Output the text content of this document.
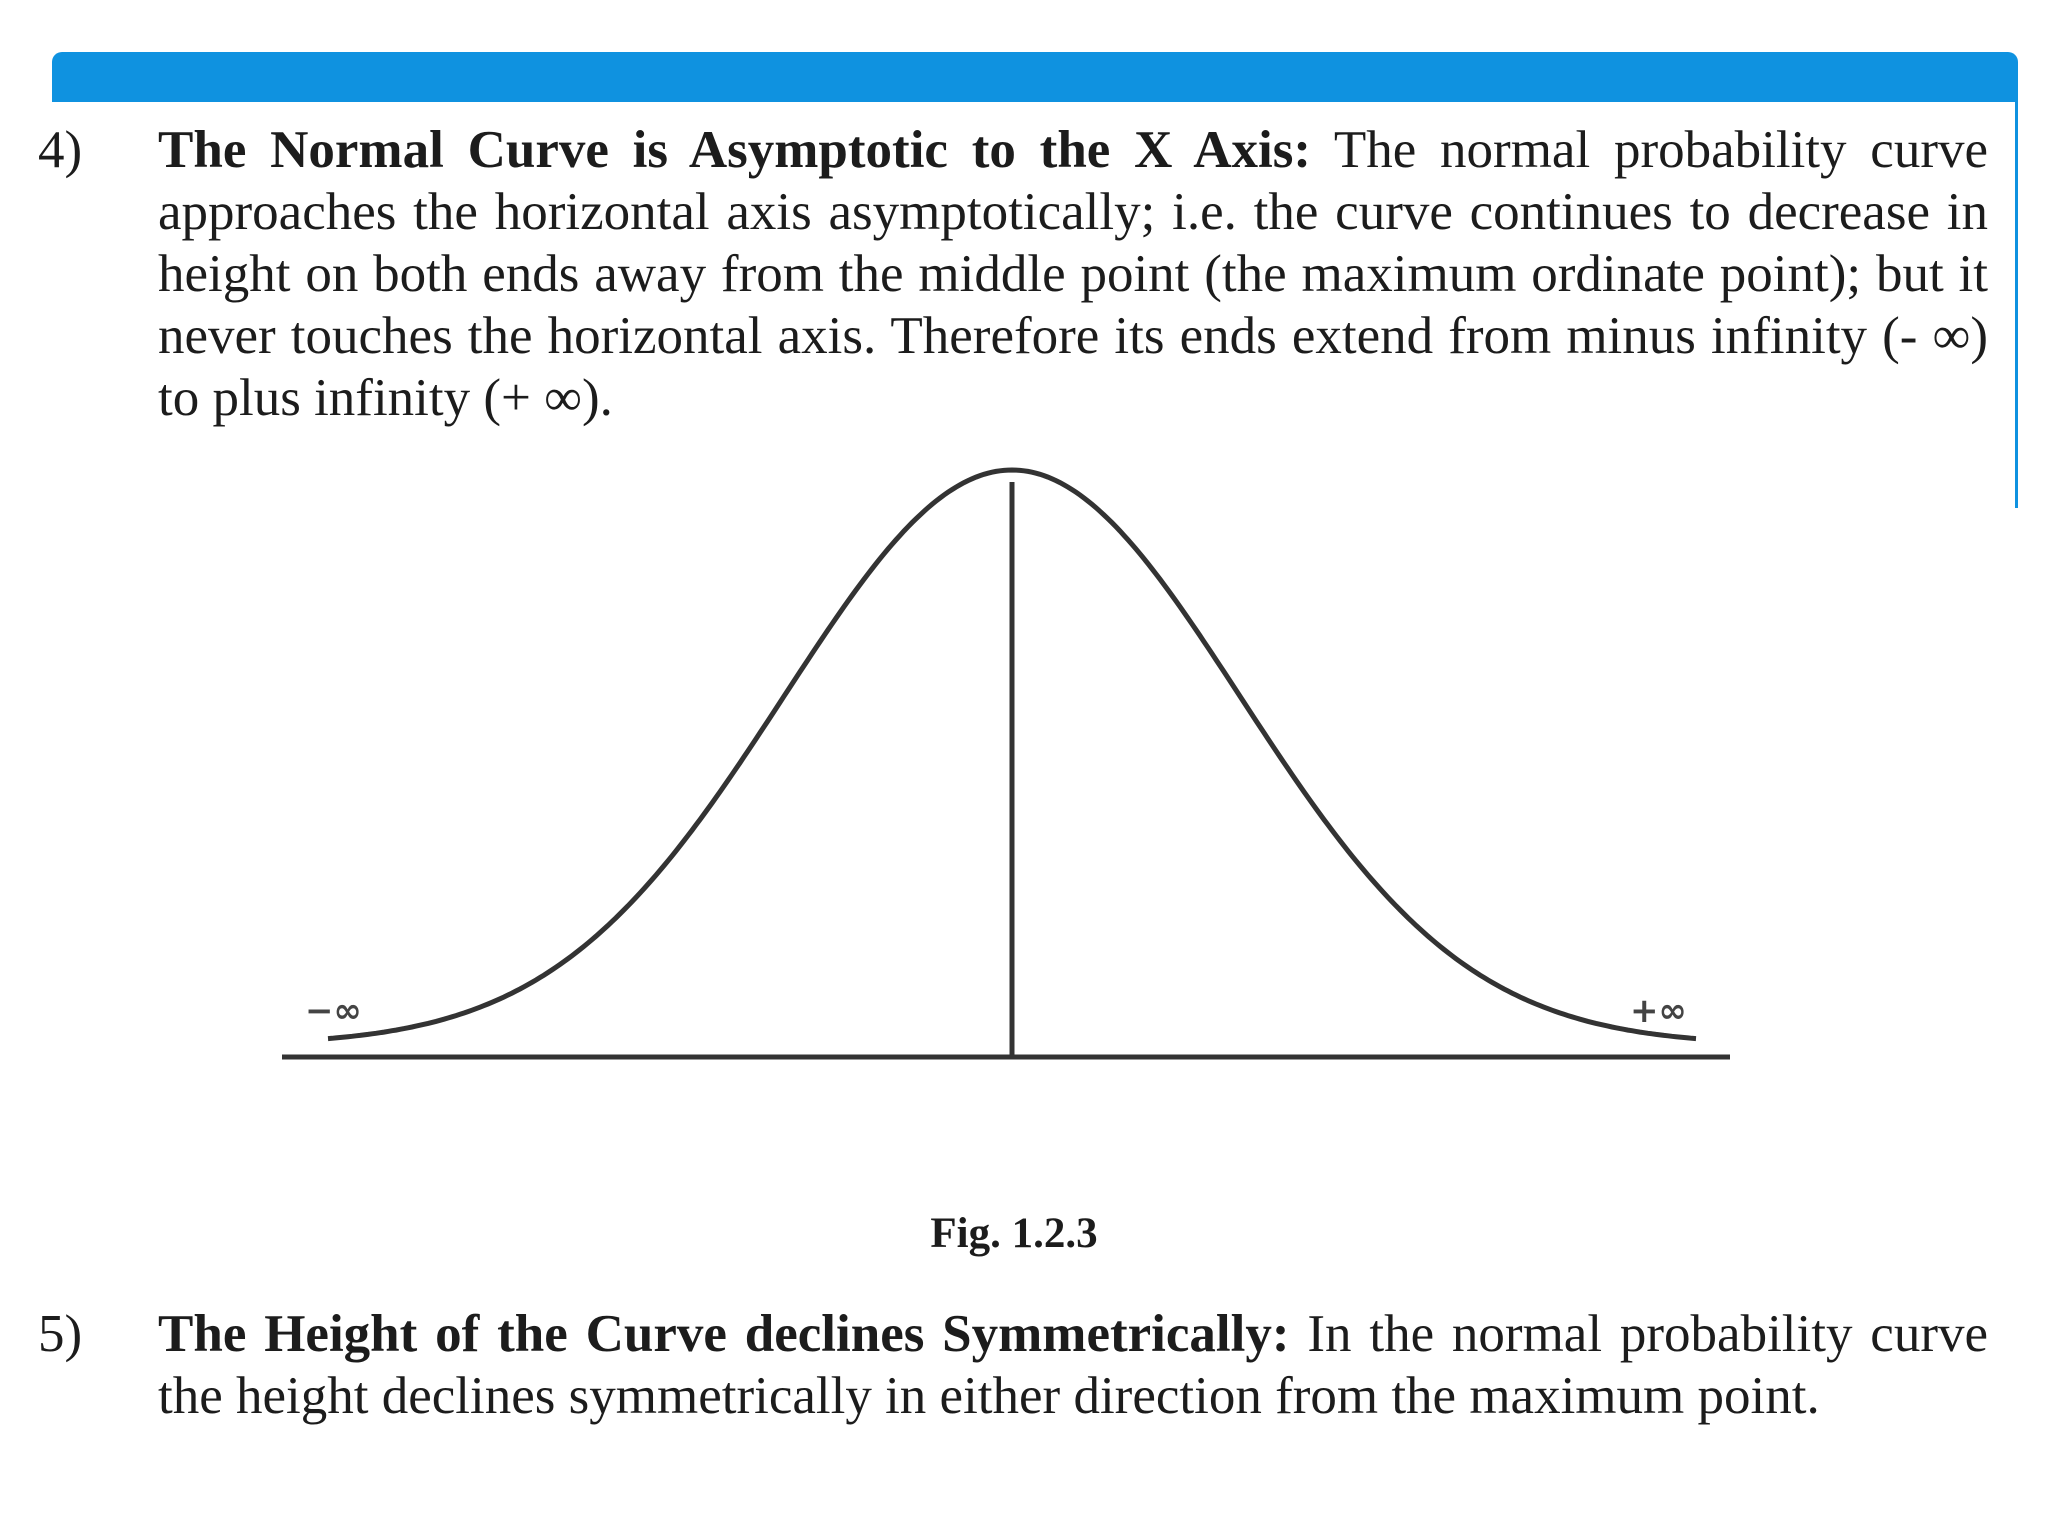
4)	The Normal Curve is Asymptotic to the X Axis: The normal probability curve approaches the horizontal axis asymptotically; i.e. the curve continues to decrease in height on both ends away from the middle point (the maximum ordinate point); but it never touches the horizontal axis. Therefore its ends extend from minus infinity (- ∞) to plus infinity (+ ∞).
−∞	+∞
Fig. 1.2.3
5)	The Height of the Curve declines Symmetrically: In the normal probability curve the height declines symmetrically in either direction from the maximum point.
